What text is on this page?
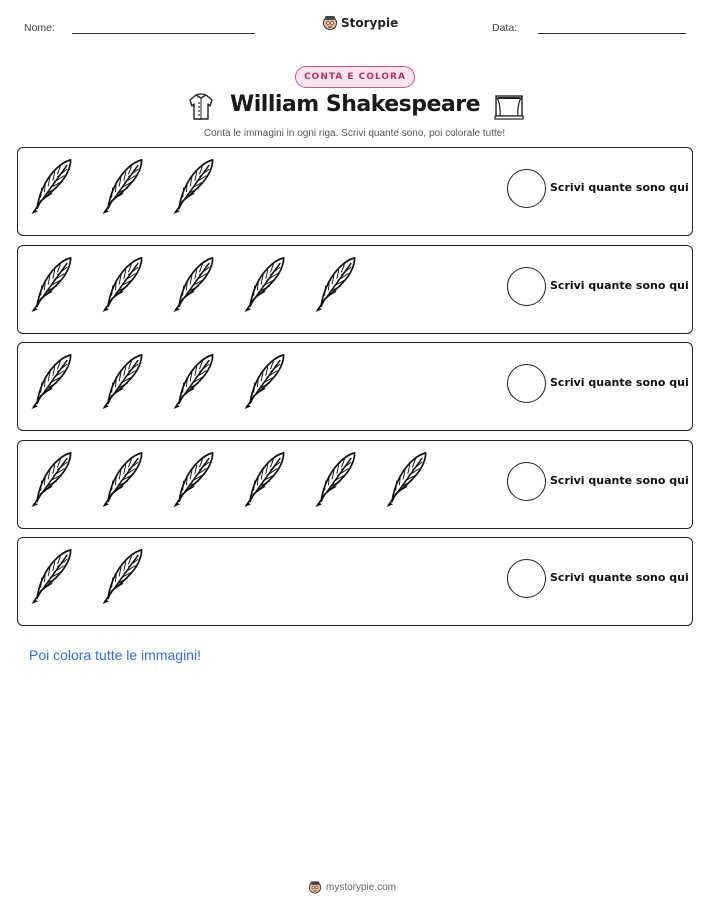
Nome:	Storypie	Data:
CONTA E COLORA
William Shakespeare
Conta le immagini in ogni riga. Scrivi quante sono, poi colorale tutte!
Scrivi quante sono qui
Scrivi quante sono qui
Scrivi quante sono qui
Scrivi quante sono qui
Scrivi quante sono qui
Poi colora tutte le immagini!
mystorypie.com
